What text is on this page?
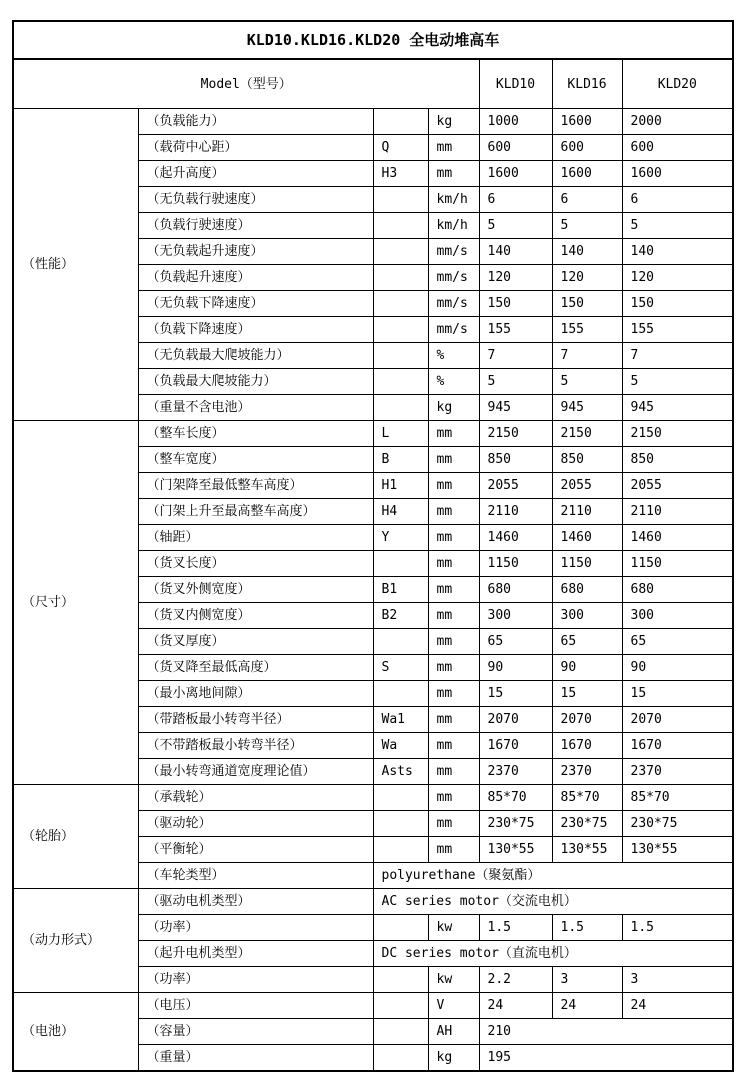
KLD10.KLD16.KLD20 全电动堆高车						
Model（型号）				KLD10	KLD16	KLD20
（性能）	（负载能力）		kg	1000	1600	2000
	（载荷中心距）	Q	mm	600	600	600
	（起升高度）	H3	mm	1600	1600	1600
	（无负载行驶速度）		km/h	6	6	6
	（负载行驶速度）		km/h	5	5	5
	（无负载起升速度）		mm/s	140	140	140
	（负载起升速度）		mm/s	120	120	120
	（无负载下降速度）		mm/s	150	150	150
	（负载下降速度）		mm/s	155	155	155
	（无负载最大爬坡能力）		%	7	7	7
	（负载最大爬坡能力）		%	5	5	5
	（重量不含电池）		kg	945	945	945
（尺寸）	（整车长度）	L	mm	2150	2150	2150
	（整车宽度）	B	mm	850	850	850
	（门架降至最低整车高度）	H1	mm	2055	2055	2055
	（门架上升至最高整车高度）	H4	mm	2110	2110	2110
	（轴距）	Y	mm	1460	1460	1460
	（货叉长度）		mm	1150	1150	1150
	（货叉外侧宽度）	B1	mm	680	680	680
	（货叉内侧宽度）	B2	mm	300	300	300
	（货叉厚度）		mm	65	65	65
	（货叉降至最低高度）	S	mm	90	90	90
	（最小离地间隙）		mm	15	15	15
	（带踏板最小转弯半径）	Wa1	mm	2070	2070	2070
	（不带踏板最小转弯半径）	Wa	mm	1670	1670	1670
	（最小转弯通道宽度理论值）	Asts	mm	2370	2370	2370
（轮胎）	（承载轮）		mm	85*70	85*70	85*70
	（驱动轮）		mm	230*75	230*75	230*75
	（平衡轮）		mm	130*55	130*55	130*55
	（车轮类型）	polyurethane（聚氨酯）				
（动力形式）	（驱动电机类型）	AC series motor（交流电机）				
	（功率）		kw	1.5	1.5	1.5
	（起升电机类型）	DC series motor（直流电机）				
	（功率）		kw	2.2	3	3
（电池）	（电压）		V	24	24	24
	（容量）		AH	210		
	（重量）		kg	195		
